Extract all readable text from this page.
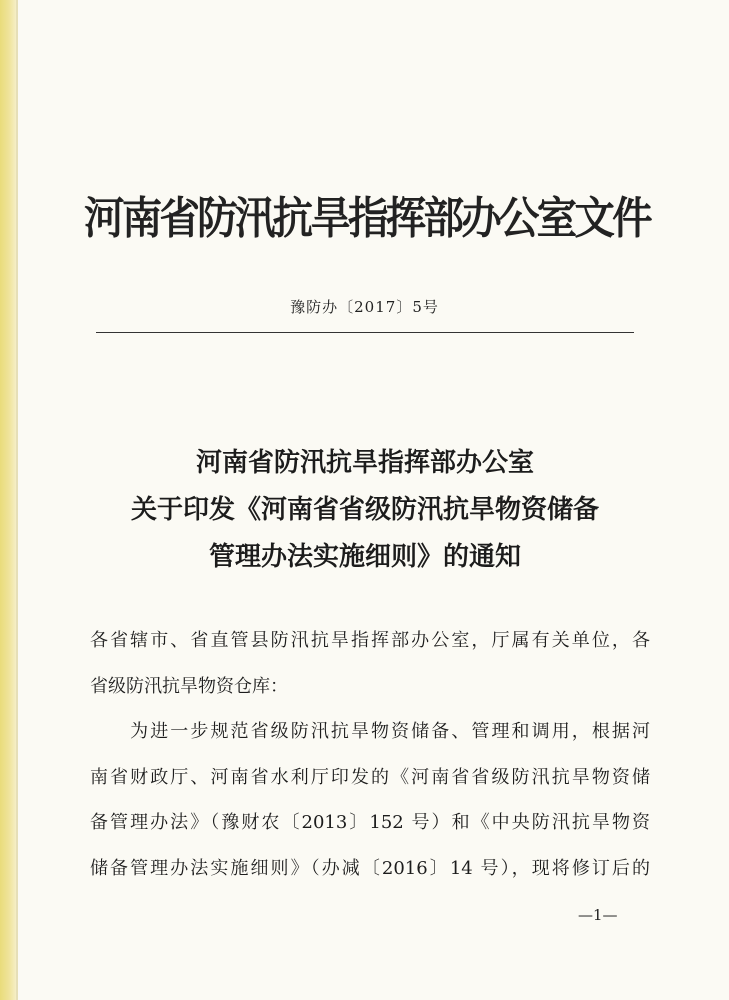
河南省防汛抗旱指挥部办公室文件
豫防办〔2017〕5号
河南省防汛抗旱指挥部办公室
关于印发《河南省省级防汛抗旱物资储备
管理办法实施细则》的通知
各省辖市、省直管县防汛抗旱指挥部办公室，厅属有关单位，各
省级防汛抗旱物资仓库：
　　为进一步规范省级防汛抗旱物资储备、管理和调用，根据河
南省财政厅、河南省水利厅印发的《河南省省级防汛抗旱物资储
备管理办法》（豫财农〔2013〕152 号）和《中央防汛抗旱物资
储备管理办法实施细则》（办减〔2016〕14 号），现将修订后的
—1—
